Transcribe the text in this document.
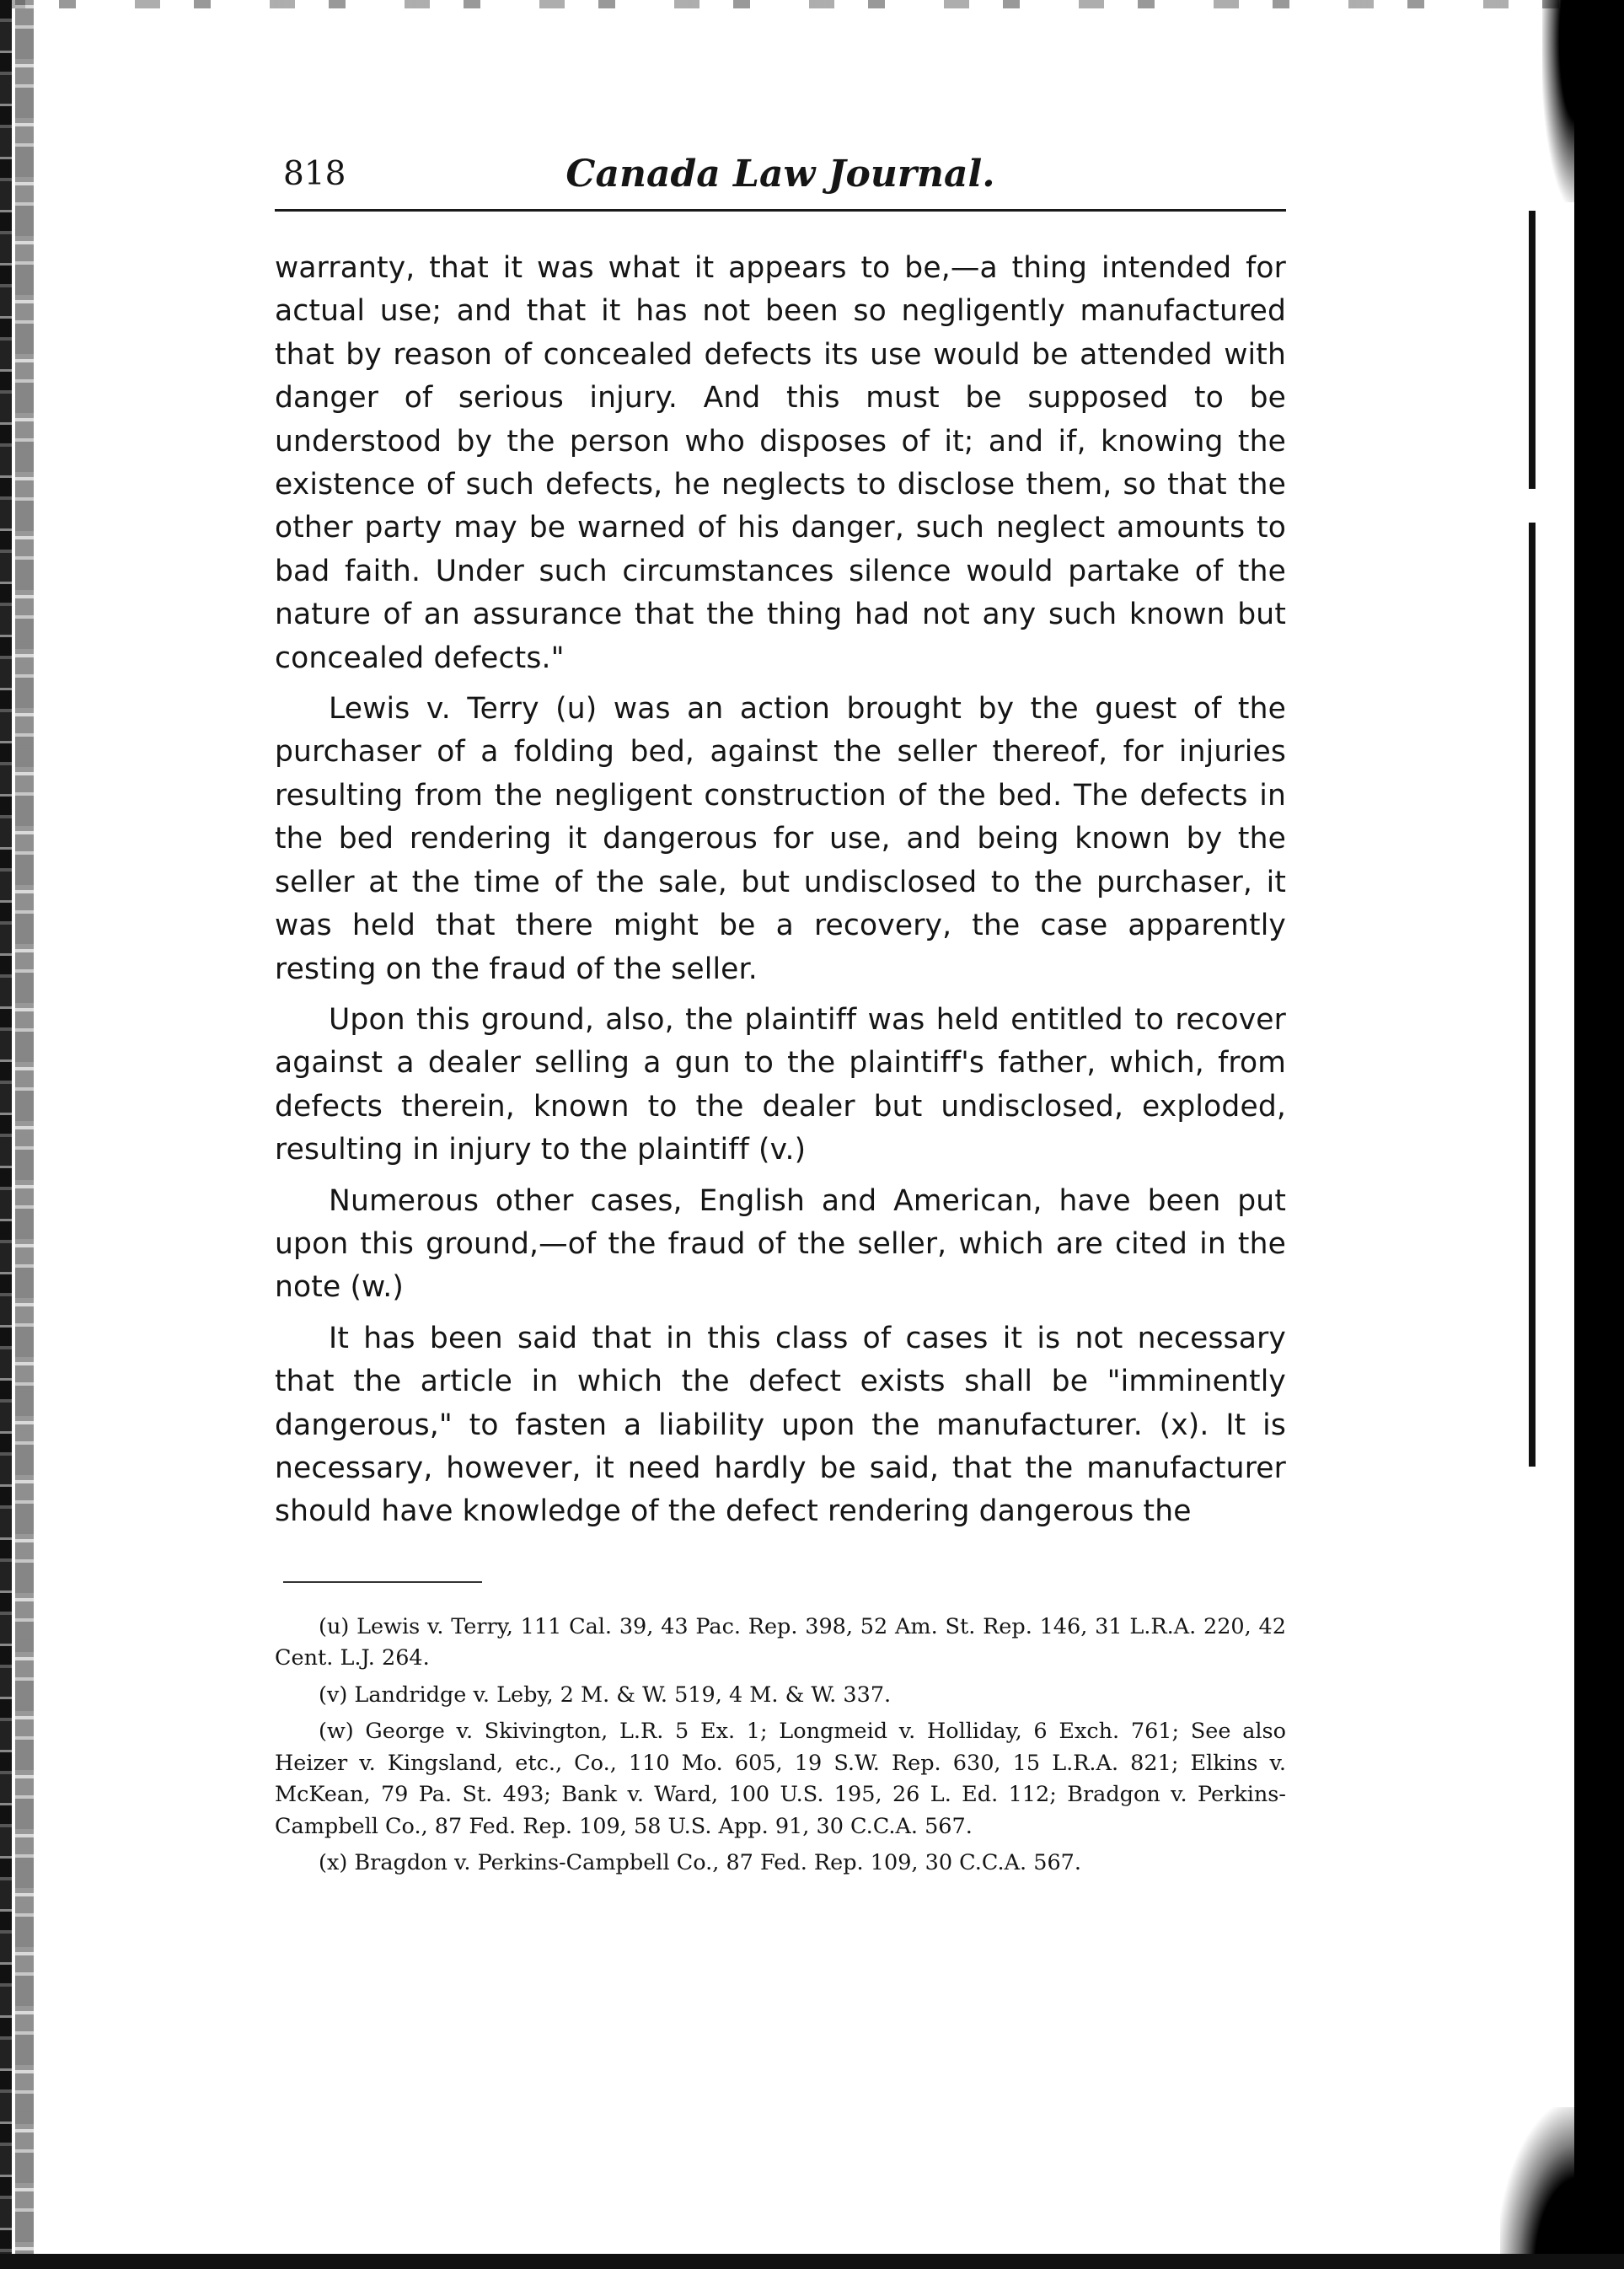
818	Canada Law Journal.

warranty, that it was what it appears to be,—a thing intended for actual use; and that it has not been so negligently manufactured that by reason of concealed defects its use would be attended with danger of serious injury. And this must be supposed to be understood by the person who disposes of it; and if, knowing the existence of such defects, he neglects to disclose them, so that the other party may be warned of his danger, such neglect amounts to bad faith. Under such circumstances silence would partake of the nature of an assurance that the thing had not any such known but concealed defects."

Lewis v. Terry (u) was an action brought by the guest of the purchaser of a folding bed, against the seller thereof, for injuries resulting from the negligent construction of the bed. The defects in the bed rendering it dangerous for use, and being known by the seller at the time of the sale, but undisclosed to the purchaser, it was held that there might be a recovery, the case apparently resting on the fraud of the seller.

Upon this ground, also, the plaintiff was held entitled to recover against a dealer selling a gun to the plaintiff's father, which, from defects therein, known to the dealer but undisclosed, exploded, resulting in injury to the plaintiff (v.)

Numerous other cases, English and American, have been put upon this ground,—of the fraud of the seller, which are cited in the note (w.)

It has been said that in this class of cases it is not necessary that the article in which the defect exists shall be "imminently dangerous," to fasten a liability upon the manufacturer. (x). It is necessary, however, it need hardly be said, that the manufacturer should have knowledge of the defect rendering dangerous the

(u) Lewis v. Terry, 111 Cal. 39, 43 Pac. Rep. 398, 52 Am. St. Rep. 146, 31 L.R.A. 220, 42 Cent. L.J. 264.

(v) Landridge v. Leby, 2 M. & W. 519, 4 M. & W. 337.

(w) George v. Skivington, L.R. 5 Ex. 1; Longmeid v. Holliday, 6 Exch. 761; See also Heizer v. Kingsland, etc., Co., 110 Mo. 605, 19 S.W. Rep. 630, 15 L.R.A. 821; Elkins v. McKean, 79 Pa. St. 493; Bank v. Ward, 100 U.S. 195, 26 L. Ed. 112; Bradgon v. Perkins-Campbell Co., 87 Fed. Rep. 109, 58 U.S. App. 91, 30 C.C.A. 567.

(x) Bragdon v. Perkins-Campbell Co., 87 Fed. Rep. 109, 30 C.C.A. 567.
